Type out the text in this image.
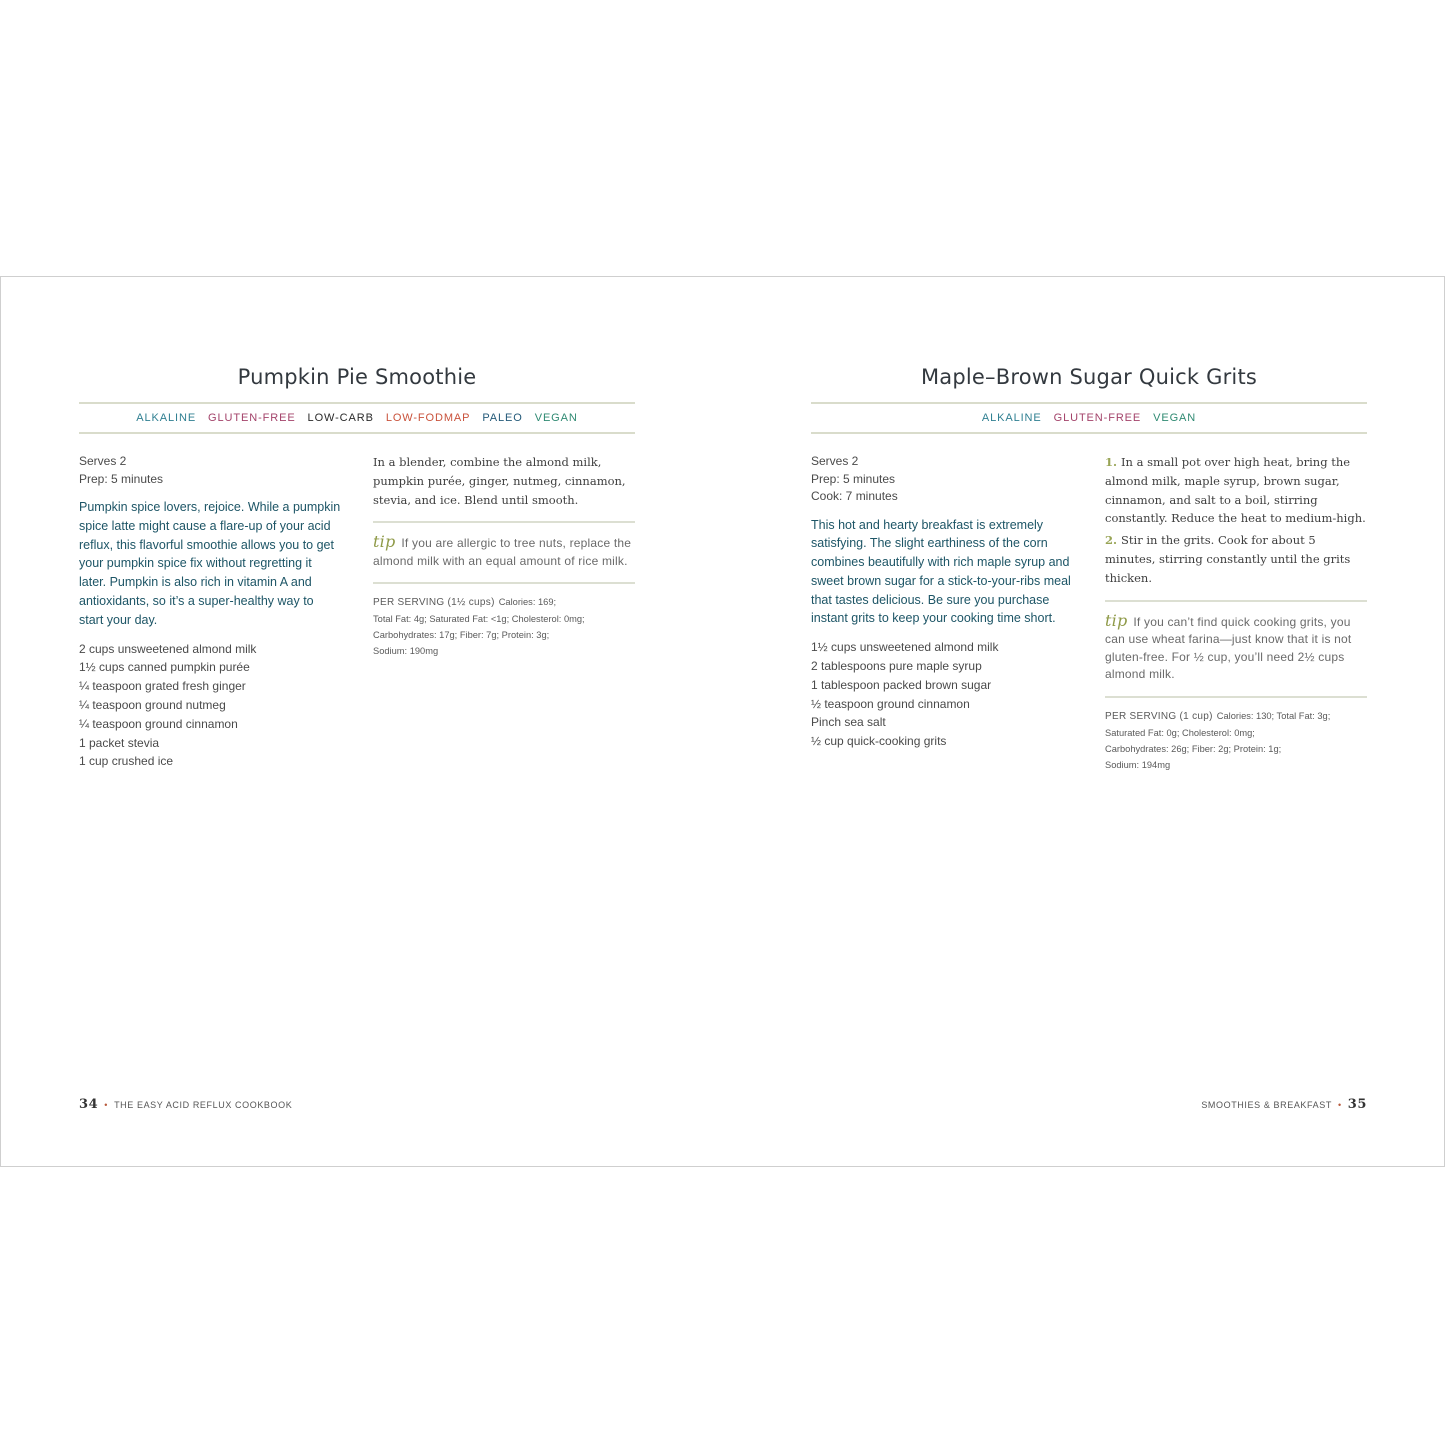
Pumpkin Pie Smoothie
ALKALINE GLUTEN-FREE LOW-CARB LOW-FODMAP PALEO VEGAN
Serves 2
Prep: 5 minutes
Pumpkin spice lovers, rejoice. While a pumpkin spice latte might cause a flare-up of your acid reflux, this flavorful smoothie allows you to get your pumpkin spice fix without regretting it later. Pumpkin is also rich in vitamin A and antioxidants, so it’s a super-healthy way to start your day.
2 cups unsweetened almond milk
1½ cups canned pumpkin purée
¼ teaspoon grated fresh ginger
¼ teaspoon ground nutmeg
¼ teaspoon ground cinnamon
1 packet stevia
1 cup crushed ice

In a blender, combine the almond milk, pumpkin purée, ginger, nutmeg, cinnamon, stevia, and ice. Blend until smooth.

tip If you are allergic to tree nuts, replace the almond milk with an equal amount of rice milk.
PER SERVING (1½ cups) Calories: 169;
Total Fat: 4g; Saturated Fat: <1g; Cholesterol: 0mg;
Carbohydrates: 17g; Fiber: 7g; Protein: 3g;
Sodium: 190mg
34 • THE EASY ACID REFLUX COOKBOOK
Maple–Brown Sugar Quick Grits
ALKALINE GLUTEN-FREE VEGAN
Serves 2
Prep: 5 minutes
Cook: 7 minutes
This hot and hearty breakfast is extremely satisfying. The slight earthiness of the corn combines beautifully with rich maple syrup and sweet brown sugar for a stick-to-your-ribs meal that tastes delicious. Be sure you purchase instant grits to keep your cooking time short.
1½ cups unsweetened almond milk
2 tablespoons pure maple syrup
1 tablespoon packed brown sugar
½ teaspoon ground cinnamon
Pinch sea salt
½ cup quick-cooking grits

1. In a small pot over high heat, bring the almond milk, maple syrup, brown sugar, cinnamon, and salt to a boil, stirring constantly. Reduce the heat to medium-high.

2. Stir in the grits. Cook for about 5 minutes, stirring constantly until the grits thicken.

tip If you can’t find quick cooking grits, you can use wheat farina—just know that it is not gluten-free. For ½ cup, you’ll need 2½ cups almond milk.
PER SERVING (1 cup) Calories: 130; Total Fat: 3g;
Saturated Fat: 0g; Cholesterol: 0mg;
Carbohydrates: 26g; Fiber: 2g; Protein: 1g;
Sodium: 194mg
SMOOTHIES & BREAKFAST • 35
